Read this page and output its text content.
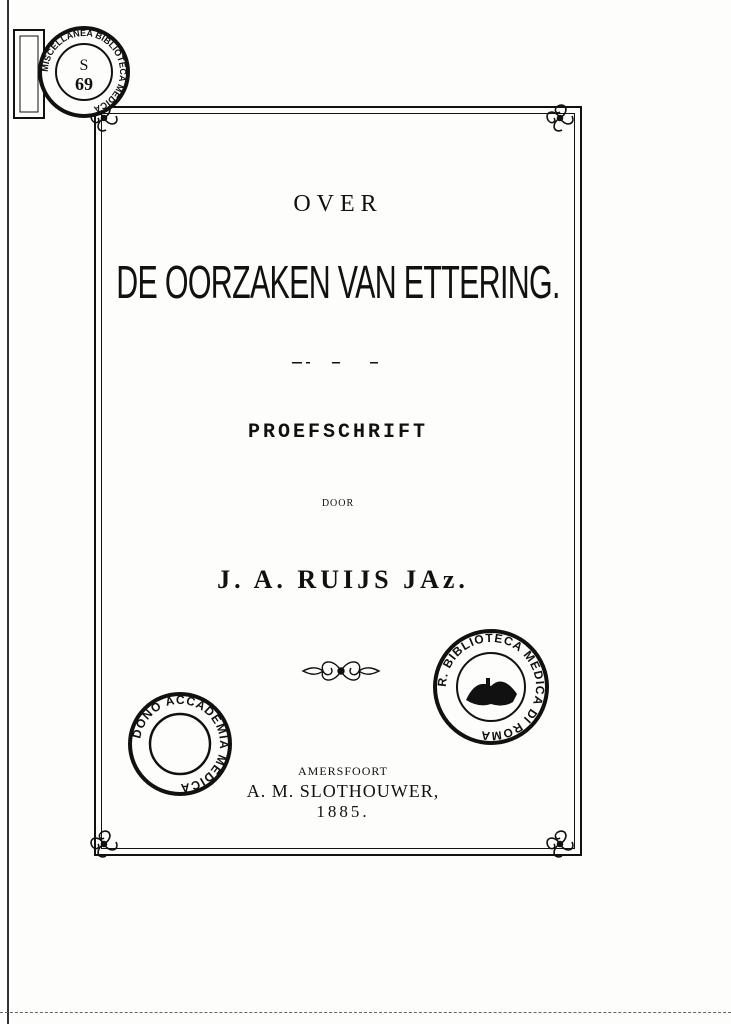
OVER
DE OORZAKEN VAN ETTERING.
PROEFSCHRIFT
DOOR
J. A. RUIJS JAz.
AMERSFOORT
A. M. SLOTHOUWER,
1885.
MISCELLANEA BIBLIOTECA MEDICA
S
69
DONO ACCADEMIA MEDICA
R. BIBLIOTECA MEDICA DI ROMA
